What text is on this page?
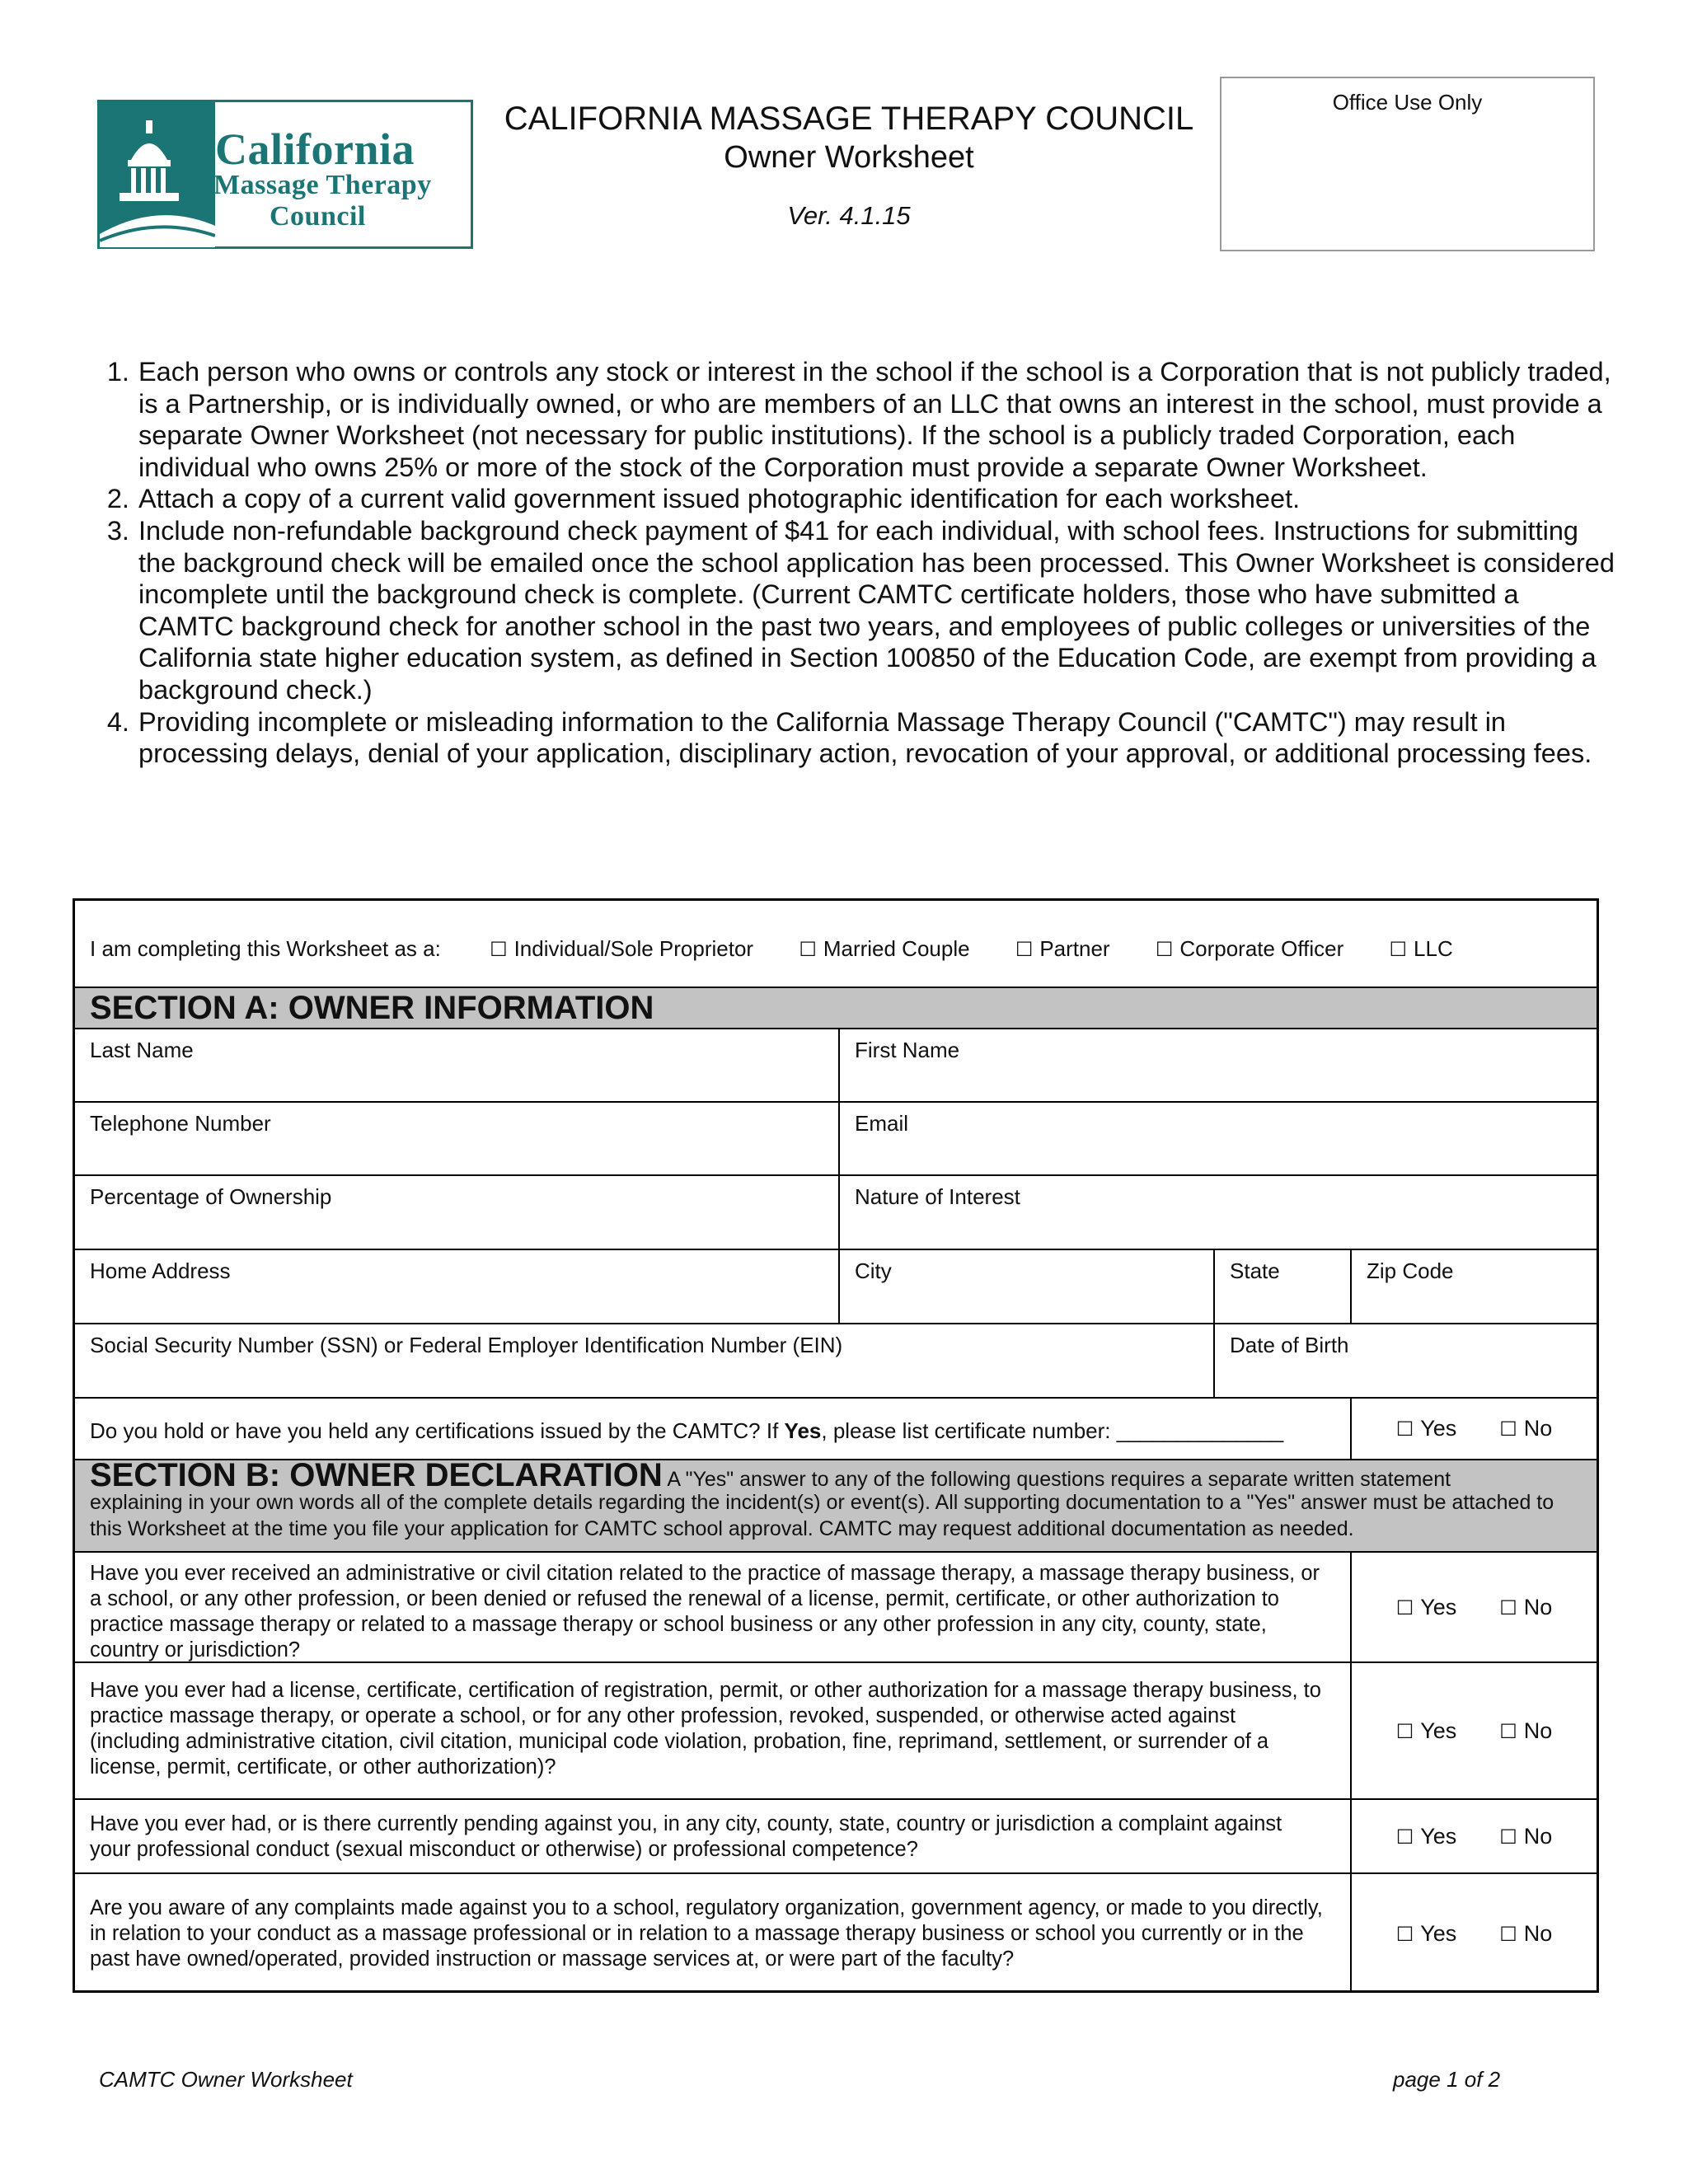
California
Massage Therapy
Council
CALIFORNIA MASSAGE THERAPY COUNCIL
Owner Worksheet
Ver. 4.1.15
Office Use Only
1. Each person who owns or controls any stock or interest in the school if the school is a Corporation that is not publicly traded, is a Partnership, or is individually owned, or who are members of an LLC that owns an interest in the school, must provide a separate Owner Worksheet (not necessary for public institutions). If the school is a publicly traded Corporation, each individual who owns 25% or more of the stock of the Corporation must provide a separate Owner Worksheet.
2. Attach a copy of a current valid government issued photographic identification for each worksheet.
3. Include non-refundable background check payment of $41 for each individual, with school fees. Instructions for submitting the background check will be emailed once the school application has been processed. This Owner Worksheet is considered incomplete until the background check is complete. (Current CAMTC certificate holders, those who have submitted a CAMTC background check for another school in the past two years, and employees of public colleges or universities of the California state higher education system, as defined in Section 100850 of the Education Code, are exempt from providing a background check.)
4. Providing incomplete or misleading information to the California Massage Therapy Council ("CAMTC") may result in processing delays, denial of your application, disciplinary action, revocation of your approval, or additional processing fees.
I am completing this Worksheet as a: ☐ Individual/Sole Proprietor ☐ Married Couple ☐ Partner ☐ Corporate Officer ☐ LLC
SECTION A: OWNER INFORMATION
Last Name	First Name
Telephone Number	Email
Percentage of Ownership	Nature of Interest
Home Address	City	State	Zip Code
Social Security Number (SSN) or Federal Employer Identification Number (EIN)	Date of Birth
Do you hold or have you held any certifications issued by the CAMTC? If Yes, please list certificate number: ______________	☐ Yes ☐ No
SECTION B: OWNER DECLARATION A "Yes" answer to any of the following questions requires a separate written statement
explaining in your own words all of the complete details regarding the incident(s) or event(s). All supporting documentation to a "Yes" answer must be attached to this Worksheet at the time you file your application for CAMTC school approval. CAMTC may request additional documentation as needed.
Have you ever received an administrative or civil citation related to the practice of massage therapy, a massage therapy business, or a school, or any other profession, or been denied or refused the renewal of a license, permit, certificate, or other authorization to practice massage therapy or related to a massage therapy or school business or any other profession in any city, county, state, country or jurisdiction?
☐ Yes ☐ No
Have you ever had a license, certificate, certification of registration, permit, or other authorization for a massage therapy business, to practice massage therapy, or operate a school, or for any other profession, revoked, suspended, or otherwise acted against (including administrative citation, civil citation, municipal code violation, probation, fine, reprimand, settlement, or surrender of a license, permit, certificate, or other authorization)?
☐ Yes ☐ No
Have you ever had, or is there currently pending against you, in any city, county, state, country or jurisdiction a complaint against your professional conduct (sexual misconduct or otherwise) or professional competence?
☐ Yes ☐ No
Are you aware of any complaints made against you to a school, regulatory organization, government agency, or made to you directly, in relation to your conduct as a massage professional or in relation to a massage therapy business or school you currently or in the past have owned/operated, provided instruction or massage services at, or were part of the faculty?
☐ Yes ☐ No
CAMTC Owner Worksheet	page 1 of 2
